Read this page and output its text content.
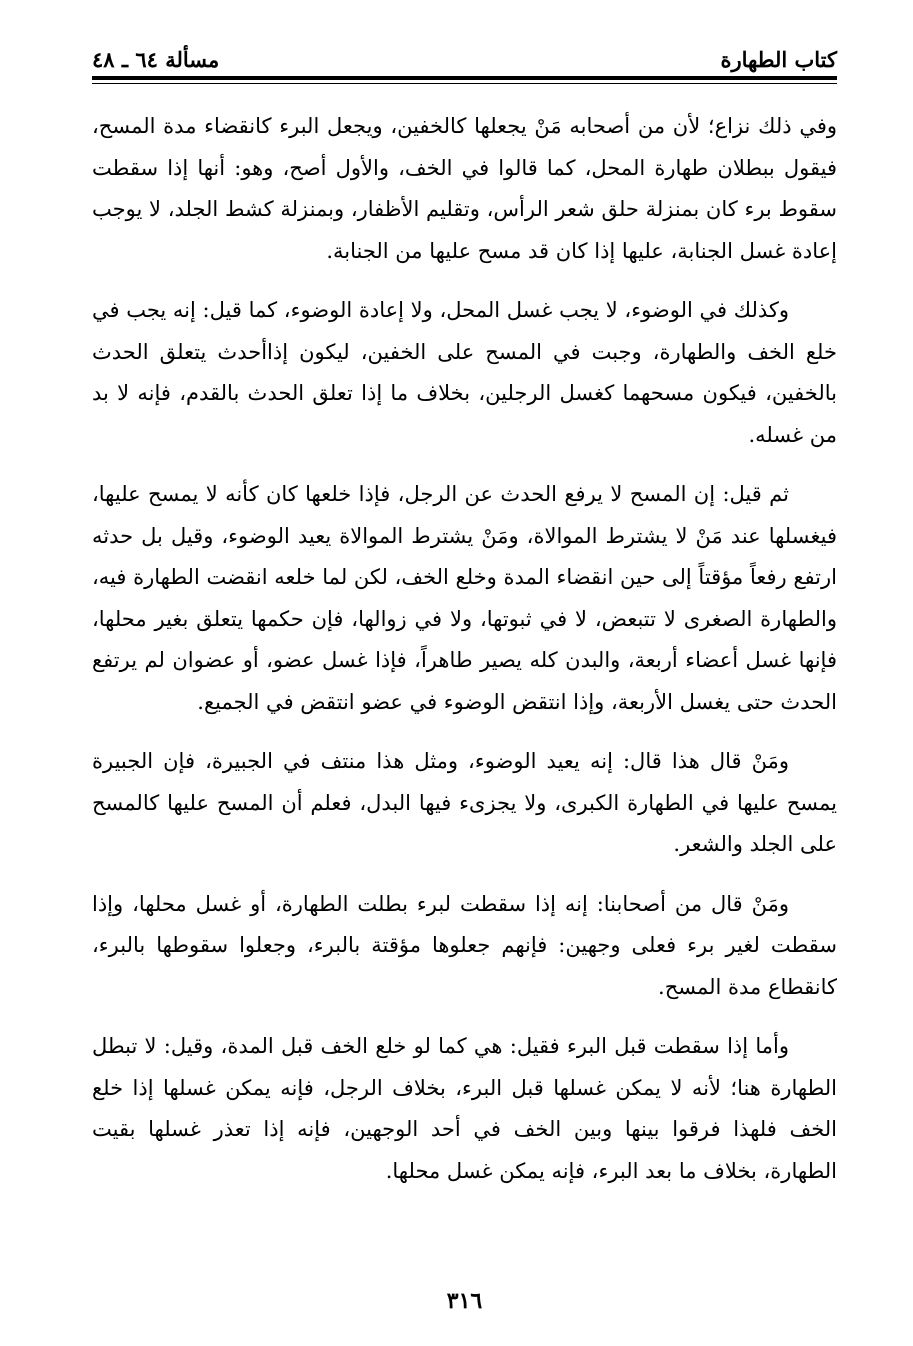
كتاب الطهارة
مسألة ٦٤ ـ ٤٨

وفي ذلك نزاع؛ لأن من أصحابه مَنْ يجعلها كالخفين، ويجعل البرء كانقضاء مدة المسح، فيقول ببطلان طهارة المحل، كما قالوا في الخف، والأول أصح، وهو: أنها إذا سقطت سقوط برء كان بمنزلة حلق شعر الرأس، وتقليم الأظفار، وبمنزلة كشط الجلد، لا يوجب إعادة غسل الجنابة، عليها إذا كان قد مسح عليها من الجنابة.

وكذلك في الوضوء، لا يجب غسل المحل، ولا إعادة الوضوء، كما قيل: إنه يجب في خلع الخف والطهارة، وجبت في المسح على الخفين، ليكون إذاأحدث يتعلق الحدث بالخفين، فيكون مسحهما كغسل الرجلين، بخلاف ما إذا تعلق الحدث بالقدم، فإنه لا بد من غسله.

ثم قيل: إن المسح لا يرفع الحدث عن الرجل، فإذا خلعها كان كأنه لا يمسح عليها، فيغسلها عند مَنْ لا يشترط الموالاة، ومَنْ يشترط الموالاة يعيد الوضوء، وقيل بل حدثه ارتفع رفعاً مؤقتاً إلى حين انقضاء المدة وخلع الخف، لكن لما خلعه انقضت الطهارة فيه، والطهارة الصغرى لا تتبعض، لا في ثبوتها، ولا في زوالها، فإن حكمها يتعلق بغير محلها، فإنها غسل أعضاء أربعة، والبدن كله يصير طاهراً، فإذا غسل عضو، أو عضوان لم يرتفع الحدث حتى يغسل الأربعة، وإذا انتقض الوضوء في عضو انتقض في الجميع.

ومَنْ قال هذا قال: إنه يعيد الوضوء، ومثل هذا منتف في الجبيرة، فإن الجبيرة يمسح عليها في الطهارة الكبرى، ولا يجزىء فيها البدل، فعلم أن المسح عليها كالمسح على الجلد والشعر.

ومَنْ قال من أصحابنا: إنه إذا سقطت لبرء بطلت الطهارة، أو غسل محلها، وإذا سقطت لغير برء فعلى وجهين: فإنهم جعلوها مؤقتة بالبرء، وجعلوا سقوطها بالبرء، كانقطاع مدة المسح.

وأما إذا سقطت قبل البرء فقيل: هي كما لو خلع الخف قبل المدة، وقيل: لا تبطل الطهارة هنا؛ لأنه لا يمكن غسلها قبل البرء، بخلاف الرجل، فإنه يمكن غسلها إذا خلع الخف فلهذا فرقوا بينها وبين الخف في أحد الوجهين، فإنه إذا تعذر غسلها بقيت الطهارة، بخلاف ما بعد البرء، فإنه يمكن غسل محلها.

٣١٦
